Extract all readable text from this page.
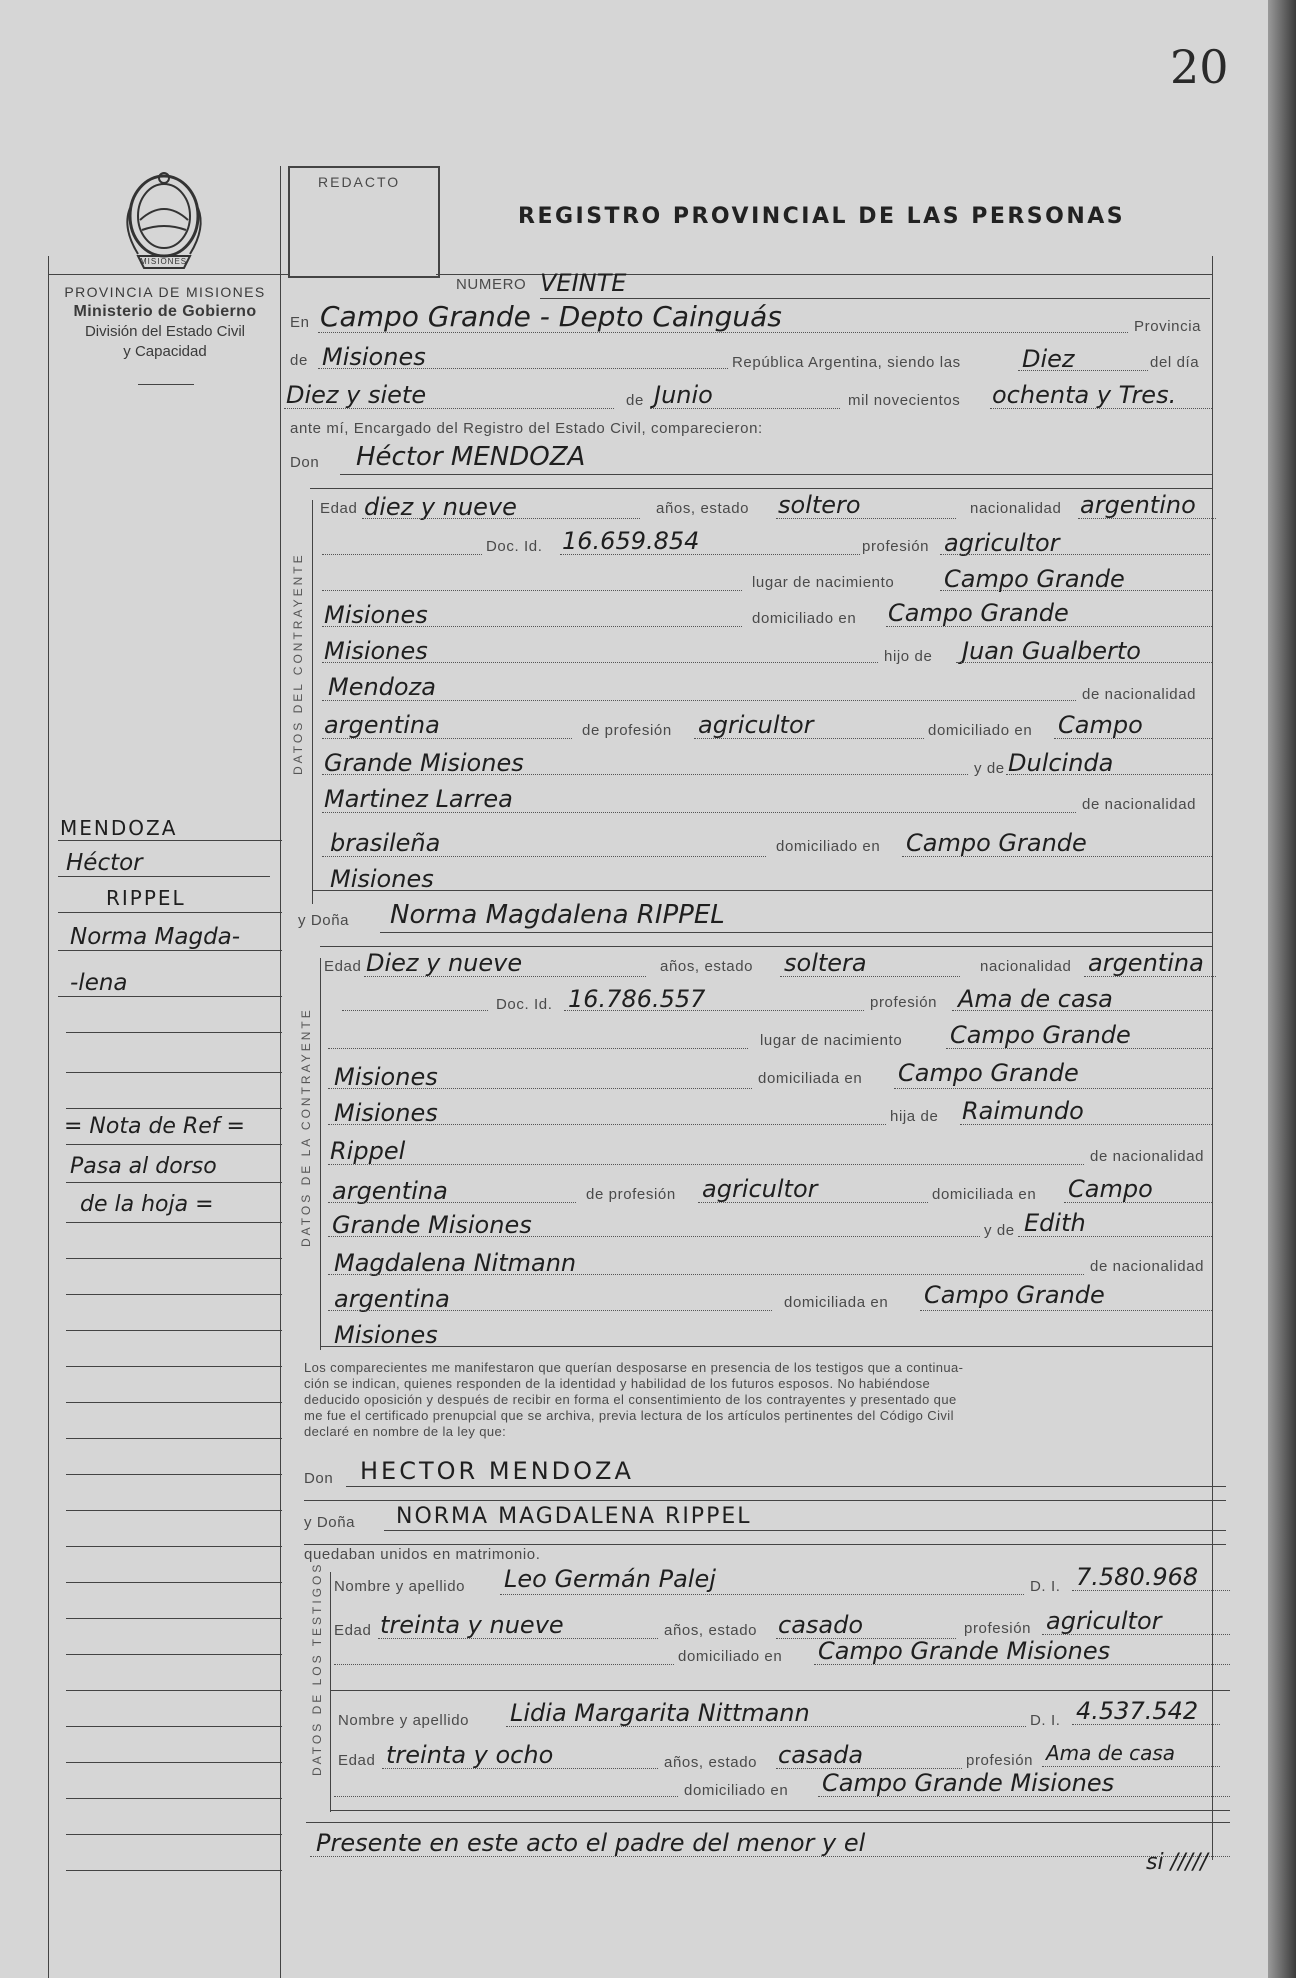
20
MISIONES
PROVINCIA DE MISIONES
Ministerio de Gobierno
División del Estado Civil
y Capacidad
REDACTO
REGISTRO PROVINCIAL DE LAS PERSONAS
NUMERO VEINTE
En Campo Grande - Depto Cainguás	Provincia
de Misiones	República Argentina, siendo las	Diez	del día
Diez y siete	de Junio	mil novecientos ochenta y Tres.
ante mí, Encargado del Registro del Estado Civil, comparecieron:
Don Héctor MENDOZA
DATOS DEL CONTRAYENTE
Edad diez y nueve	años, estado soltero	nacionalidad argentino
Doc. Id. 16.659.854	profesión agricultor
lugar de nacimiento Campo Grande
Misiones	domiciliado en Campo Grande
Misiones	hijo de Juan Gualberto
Mendoza	de nacionalidad
argentina	de profesión agricultor	domiciliado en Campo
Grande Misiones	y de Dulcinda
Martinez Larrea	de nacionalidad
brasileña	domiciliado en Campo Grande
Misiones
y Doña Norma Magdalena RIPPEL
DATOS DE LA CONTRAYENTE
Edad Diez y nueve	años, estado soltera	nacionalidad argentina
Doc. Id. 16.786.557	profesión Ama de casa
lugar de nacimiento Campo Grande
Misiones	domiciliada en Campo Grande
Misiones	hija de Raimundo
Rippel	de nacionalidad
argentina	de profesión agricultor	domiciliada en Campo
Grande Misiones	y de Edith
Magdalena Nitmann	de nacionalidad
argentina	domiciliada en Campo Grande
Misiones
Los comparecientes me manifestaron que querían desposarse en presencia de los testigos que a continua-
ción se indican, quienes responden de la identidad y habilidad de los futuros esposos. No habiéndose
deducido oposición y después de recibir en forma el consentimiento de los contrayentes y presentado que
me fue el certificado prenupcial que se archiva, previa lectura de los artículos pertinentes del Código Civil
declaré en nombre de la ley que:
Don HECTOR MENDOZA
y Doña NORMA MAGDALENA RIPPEL
quedaban unidos en matrimonio.
DATOS DE LOS TESTIGOS Nombre y apellido Leo Germán Palej	D. I. 7.580.968
Edad treinta y nueve	años, estado casado	profesión agricultor
domiciliado en Campo Grande Misiones
Nombre y apellido Lidia Margarita Nittmann	D. I. 4.537.542
Edad treinta y ocho	años, estado casada	profesión Ama de casa
domiciliado en Campo Grande Misiones
Presente en este acto el padre del menor y el
si /////
MENDOZA
Héctor
RIPPEL
Norma Magda-
-lena
= Nota de Ref =
Pasa al dorso
de la hoja =
